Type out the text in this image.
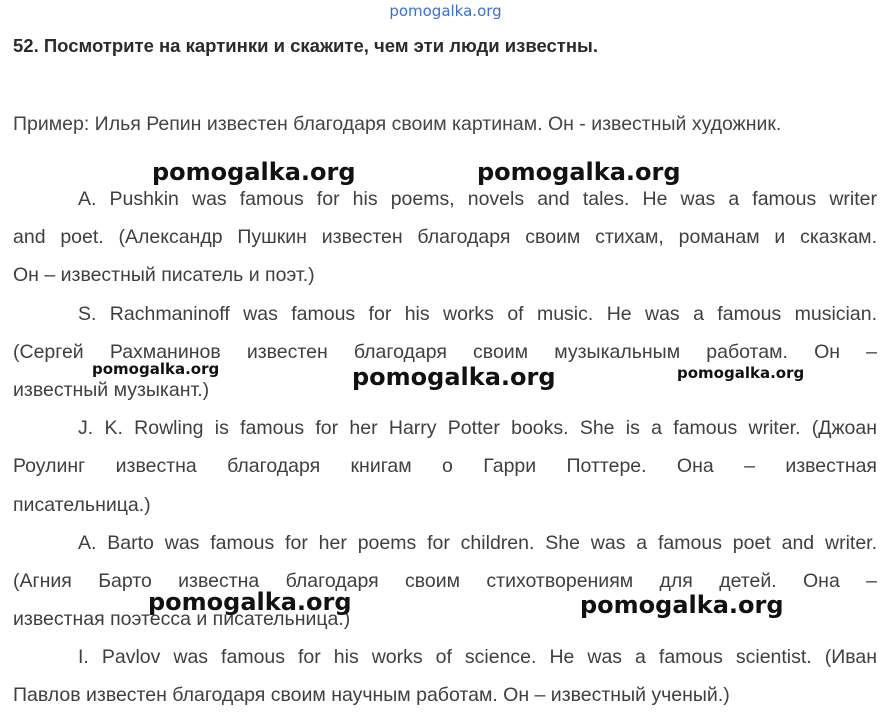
pomogalka.org
52. Посмотрите на картинки и скажите, чем эти люди известны.
Пример: Илья Репин известен благодаря своим картинам. Он - известный художник.
A. Pushkin was famous for his poems, novels and tales. He was a famous writer
and poet. (Александр Пушкин известен благодаря своим стихам, романам и сказкам.
Он – известный писатель и поэт.)
S. Rachmaninoff was famous for his works of music. He was a famous musician.
(Сергей Рахманинов известен благодаря своим музыкальным работам. Он –
известный музыкант.)
J. K. Rowling is famous for her Harry Potter books. She is a famous writer. (Джоан
Роулинг известна благодаря книгам о Гарри Поттере. Она – известная
писательница.)
A. Barto was famous for her poems for children. She was a famous poet and writer.
(Агния Барто известна благодаря своим стихотворениям для детей. Она –
известная поэтесса и писательница.)
I. Pavlov was famous for his works of science. He was a famous scientist. (Иван
Павлов известен благодаря своим научным работам. Он – известный ученый.)
pomogalka.org	pomogalka.org
pomogalka.org	pomogalka.org	pomogalka.org
pomogalka.org	pomogalka.org
